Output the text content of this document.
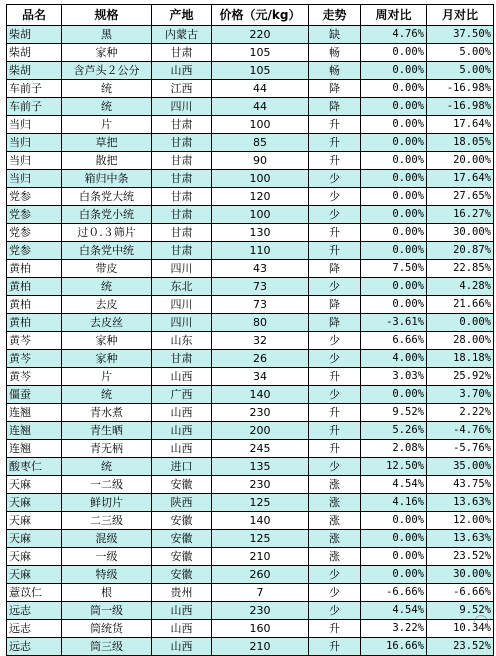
品名	规格	产地	价格（元/kg）	走势	周对比	月对比
柴胡	黑	内蒙古	220	缺	4.76%	37.50%
柴胡	家种	甘肃	105	畅	0.00%	5.00%
柴胡	含芦头２公分	山西	105	畅	0.00%	5.00%
车前子	统	江西	44	降	0.00%	-16.98%
车前子	统	四川	44	降	0.00%	-16.98%
当归	片	甘肃	100	升	0.00%	17.64%
当归	草把	甘肃	85	升	0.00%	18.05%
当归	散把	甘肃	90	升	0.00%	20.00%
当归	箱归中条	甘肃	100	少	0.00%	17.64%
党参	白条党大统	甘肃	120	少	0.00%	27.65%
党参	白条党小统	甘肃	100	少	0.00%	16.27%
党参	过０.３筛片	甘肃	130	升	0.00%	30.00%
党参	白条党中统	甘肃	110	升	0.00%	20.87%
黄柏	带皮	四川	43	降	7.50%	22.85%
黄柏	统	东北	73	少	0.00%	4.28%
黄柏	去皮	四川	73	降	0.00%	21.66%
黄柏	去皮丝	四川	80	降	-3.61%	0.00%
黄芩	家种	山东	32	少	6.66%	28.00%
黄芩	家种	甘肃	26	少	4.00%	18.18%
黄芩	片	山西	34	升	3.03%	25.92%
僵蚕	统	广西	140	少	0.00%	3.70%
连翘	青水煮	山西	230	升	9.52%	2.22%
连翘	青生晒	山西	200	升	5.26%	-4.76%
连翘	青无柄	山西	245	升	2.08%	-5.76%
酸枣仁	统	进口	135	少	12.50%	35.00%
天麻	一二级	安徽	230	涨	4.54%	43.75%
天麻	鲜切片	陕西	125	涨	4.16%	13.63%
天麻	二三级	安徽	140	涨	0.00%	12.00%
天麻	混级	安徽	125	涨	0.00%	13.63%
天麻	一级	安徽	210	涨	0.00%	23.52%
天麻	特级	安徽	260	少	0.00%	30.00%
薏苡仁	根	贵州	7	少	-6.66%	-6.66%
远志	筒一级	山西	230	少	4.54%	9.52%
远志	筒统货	山西	160	升	3.22%	10.34%
远志	筒三级	山西	210	升	16.66%	23.52%
